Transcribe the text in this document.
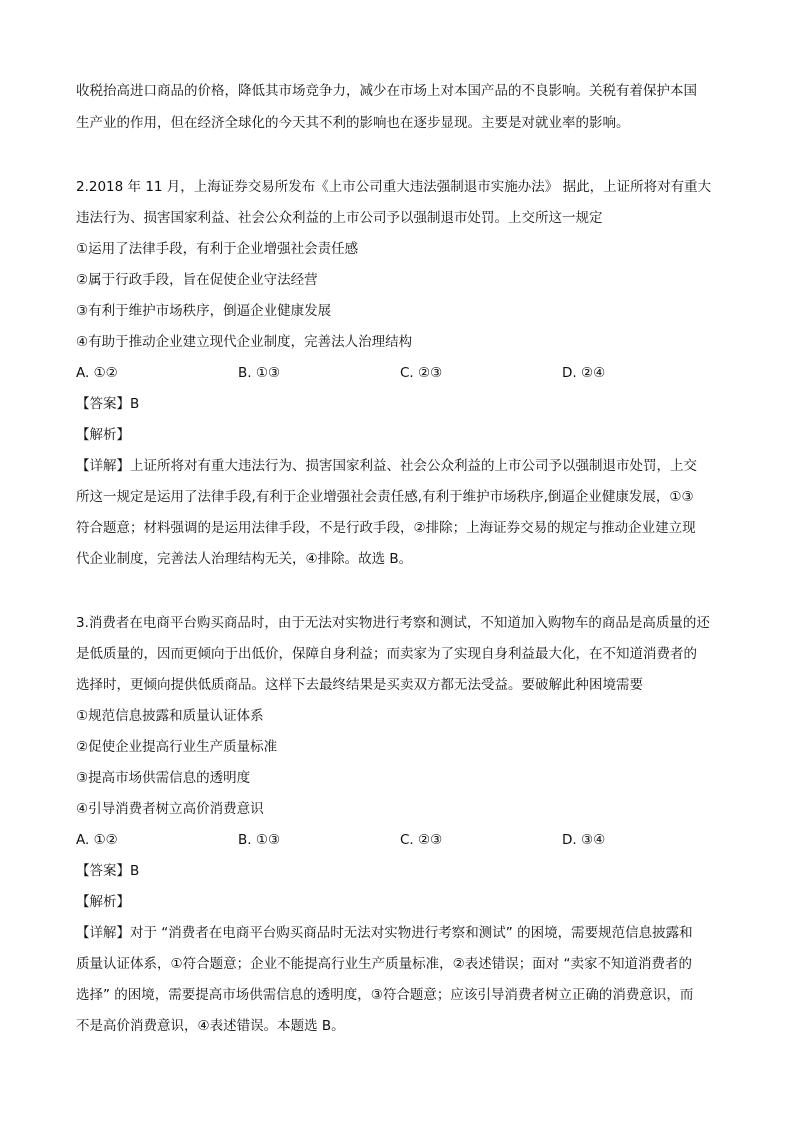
收税抬高进口商品的价格，降低其市场竞争力，减少在市场上对本国产品的不良影响。关税有着保护本国
生产业的作用，但在经济全球化的今天其不利的影响也在逐步显现。主要是对就业率的影响。
2.2018 年 11 月，上海证券交易所发布《上市公司重大违法强制退市实施办法》 据此，上证所将对有重大
违法行为、损害国家利益、社会公众利益的上市公司予以强制退市处罚。上交所这一规定
①运用了法律手段，有利于企业增强社会责任感
②属于行政手段，旨在促使企业守法经营
③有利于维护市场秩序，倒逼企业健康发展
④有助于推动企业建立现代企业制度，完善法人治理结构
A. ①②	B. ①③	C. ②③	D. ②④
【答案】B
【解析】
【详解】上证所将对有重大违法行为、损害国家利益、社会公众利益的上市公司予以强制退市处罚，上交
所这一规定是运用了法律手段,有利于企业增强社会责任感,有利于维护市场秩序,倒逼企业健康发展，①③
符合题意；材料强调的是运用法律手段，不是行政手段，②排除；上海证券交易的规定与推动企业建立现
代企业制度，完善法人治理结构无关，④排除。故选 B。
3.消费者在电商平台购买商品时，由于无法对实物进行考察和测试，不知道加入购物车的商品是高质量的还
是低质量的，因而更倾向于出低价，保障自身利益；而卖家为了实现自身利益最大化，在不知道消费者的
选择时，更倾向提供低质商品。这样下去最终结果是买卖双方都无法受益。要破解此种困境需要
①规范信息披露和质量认证体系
②促使企业提高行业生产质量标准
③提高市场供需信息的透明度
④引导消费者树立高价消费意识
A. ①②	B. ①③	C. ②③	D. ③④
【答案】B
【解析】
【详解】对于 “消费者在电商平台购买商品时无法对实物进行考察和测试” 的困境，需要规范信息披露和
质量认证体系，①符合题意；企业不能提高行业生产质量标准，②表述错误；面对 “卖家不知道消费者的
选择” 的困境，需要提高市场供需信息的透明度，③符合题意；应该引导消费者树立正确的消费意识，而
不是高价消费意识，④表述错误。本题选 B。
